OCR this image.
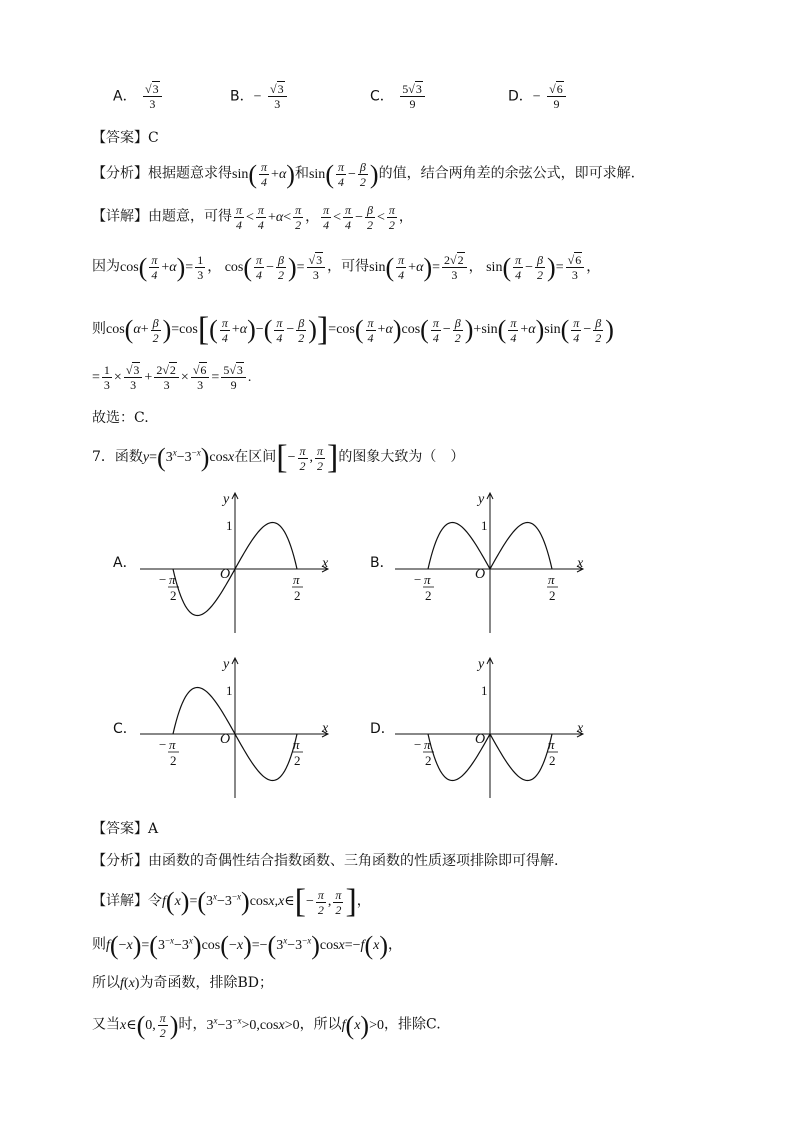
A． $\frac{√3}{3}$	B．− $\frac{√3}{3}$	C． $\frac{5√3}{9}$	D．− $\frac{√6}{9}$
【答案】C
【分析】根据题意求得$\sin( \frac{\pi}{4} +\alpha)$和$\sin( \frac{\pi}{4} - \frac{\beta}{2}$ )的值，结合两角差的余弦公式，即可求解.
【详解】由题意，可得 $\frac{\pi}{4} < \frac{\pi}{4} +\alpha< \frac{\pi}{2}$ ， $\frac{\pi}{4} < \frac{\pi}{4} - \frac{\beta}{2} < \frac{\pi}{2}$ ，
因为$\cos( \frac{\pi}{4} +\alpha)= \frac{1}{3}$ ， $\cos( \frac{\pi}{4} - \frac{\beta}{2}$ )= $\frac{√3}{3}$ ，可得$\sin( \frac{\pi}{4} +\alpha)= \frac{2√2}{3}$ ， $\sin( \frac{\pi}{4} - \frac{\beta}{2}$ )= $\frac{√6}{3}$ ，
则$\cos(\alpha+ \frac{\beta}{2} )=\cos[( \frac{\pi}{4} +\alpha)-( \frac{\pi}{4} - \frac{\beta}{2} )]=\cos( \frac{\pi}{4} +\alpha)\cos( \frac{\pi}{4} - \frac{\beta}{2} )+\sin( \frac{\pi}{4} +\alpha)\sin( \frac{\pi}{4} - \frac{\beta}{2}$ )
= $\frac{1}{3} \times \frac{√3}{3} + \frac{2√2}{3} \times \frac{√6}{3} = \frac{5√3}{9}$ .
故选：C.
7．函数$y=(3^x-3^{-x})\cos x$在区间[− $\frac{\pi}{2}$ , $\frac{\pi}{2}$ ]的图象大致为（　）
A．	B．
C．	D．
x
y
O
1
− π
2
π
2
x
y
O
1
− π
2
π
2
x
y
O
1
− π
2
π
2
x
y
O
1
− π
2
π
2
【答案】A
【分析】由函数的奇偶性结合指数函数、三角函数的性质逐项排除即可得解.
【详解】令$f(x)=(3^x-3^{-x})\cos x,x\in[- \frac{\pi}{2}$ , $\frac{\pi}{2}$ ]，
则$f(-x)=(3^{-x}-3^x)\cos(-x)=-(3^x-3^{-x})\cos x=-f(x)$，
所以f(x)为奇函数，排除BD；
又当x∈(0, $\frac{\pi}{2}$ )时，$3^x-3^{-x}>0,\cos x>0$，所以f(x)>0，排除C.
